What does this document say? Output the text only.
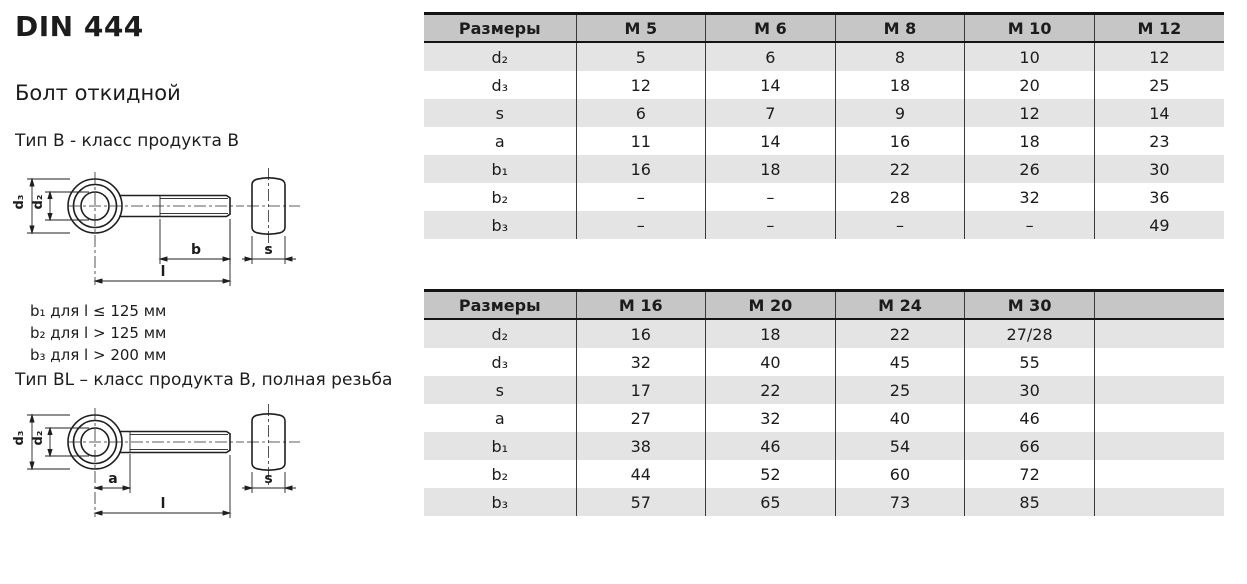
DIN 444
Болт откидной
Тип B - класс продукта B
d₃ d₂
b
l
s
b₁ для l ≤ 125 мм
b₂ для l > 125 мм
b₃ для l > 200 мм
Тип BL – класс продукта B, полная резьба
d₃ d₂
a
l
s
Размеры	M 5	M 6	M 8	M 10	M 12
d₂	5	6	8	10	12
d₃	12	14	18	20	25
s	6	7	9	12	14
a	11	14	16	18	23
b₁	16	18	22	26	30
b₂	–	–	28	32	36
b₃	–	–	–	–	49
Размеры	M 16	M 20	M 24	M 30	
d₂	16	18	22	27/28	
d₃	32	40	45	55	
s	17	22	25	30	
a	27	32	40	46	
b₁	38	46	54	66	
b₂	44	52	60	72	
b₃	57	65	73	85	
